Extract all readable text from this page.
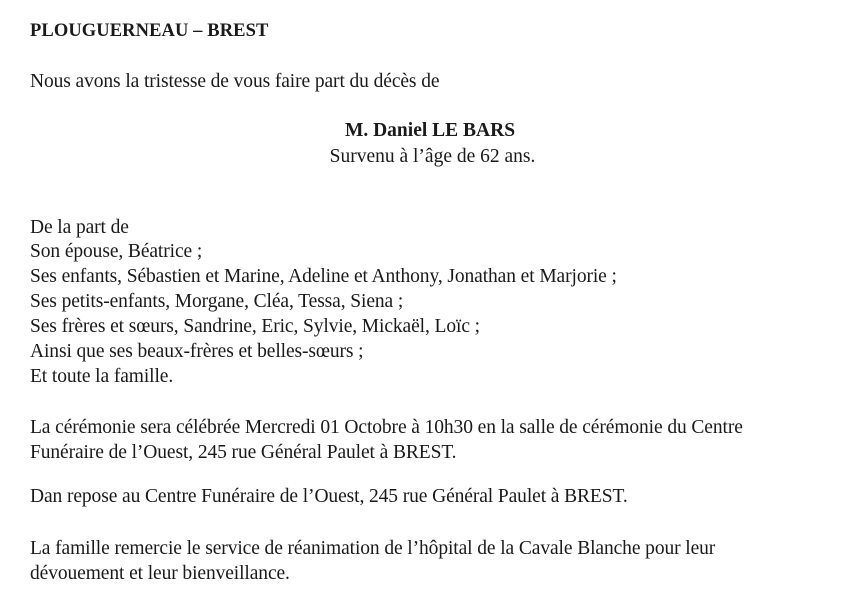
PLOUGUERNEAU – BREST
Nous avons la tristesse de vous faire part du décès de
M. Daniel LE BARS
Survenu à l’âge de 62 ans.
De la part de
Son épouse, Béatrice ;
Ses enfants, Sébastien et Marine, Adeline et Anthony, Jonathan et Marjorie ;
Ses petits-enfants, Morgane, Cléa, Tessa, Siena ;
Ses frères et sœurs, Sandrine, Eric, Sylvie, Mickaël, Loïc ;
Ainsi que ses beaux-frères et belles-sœurs ;
Et toute la famille.
La cérémonie sera célébrée Mercredi 01 Octobre à 10h30 en la salle de cérémonie du Centre
Funéraire de l’Ouest, 245 rue Général Paulet à BREST.
Dan repose au Centre Funéraire de l’Ouest, 245 rue Général Paulet à BREST.
La famille remercie le service de réanimation de l’hôpital de la Cavale Blanche pour leur
dévouement et leur bienveillance.
